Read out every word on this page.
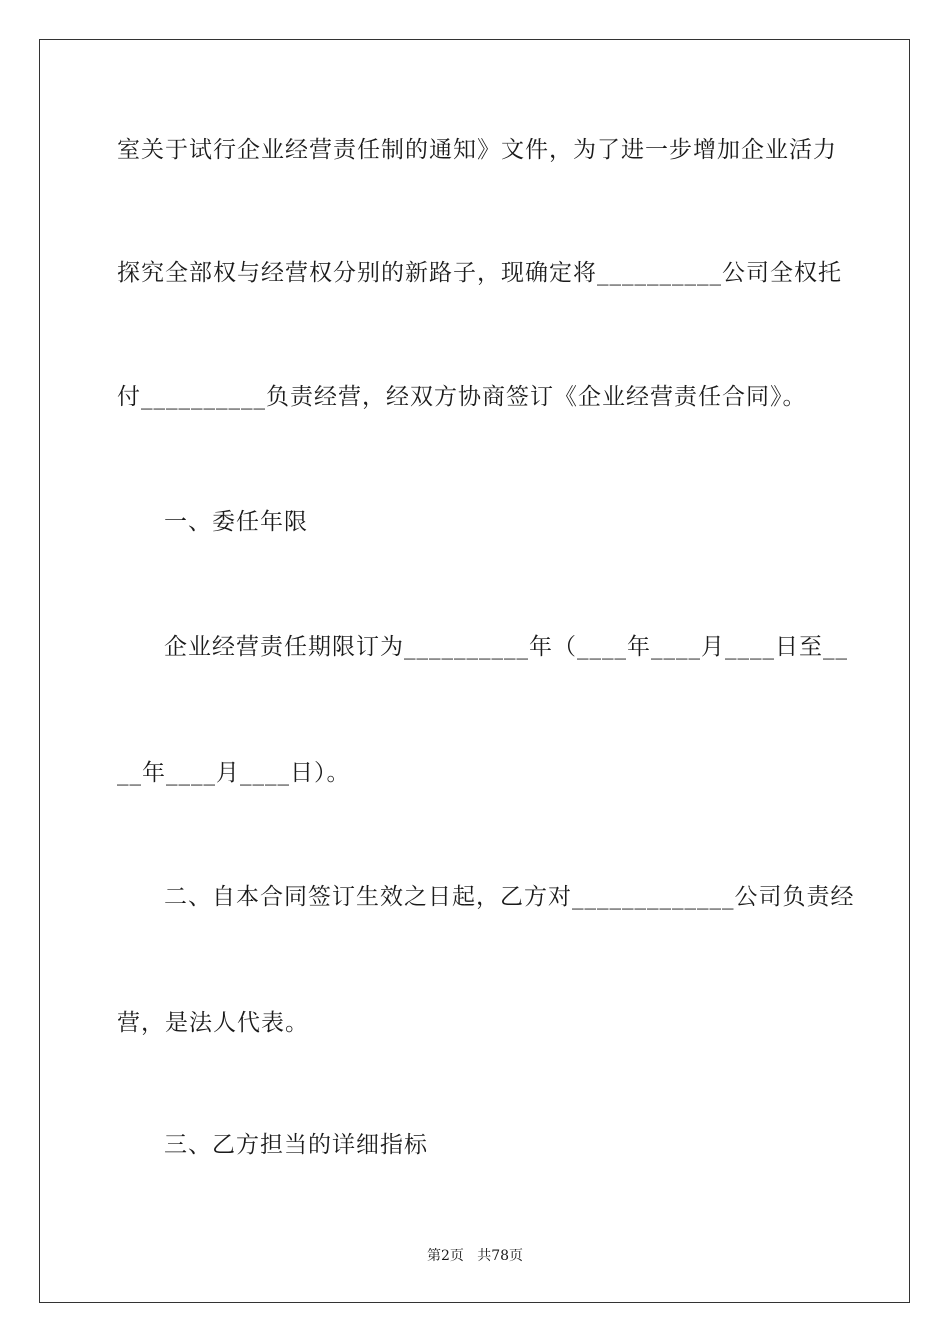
室关于试行企业经营责任制的通知》文件，为了进一步增加企业活力
探究全部权与经营权分别的新路子，现确定将__________公司全权托
付__________负责经营，经双方协商签订《企业经营责任合同》。
一、委任年限
企业经营责任期限订为__________年（____年____月____日至__
__年____月____日）。
二、自本合同签订生效之日起，乙方对_____________公司负责经
营，是法人代表。
三、乙方担当的详细指标
第2页   共78页
